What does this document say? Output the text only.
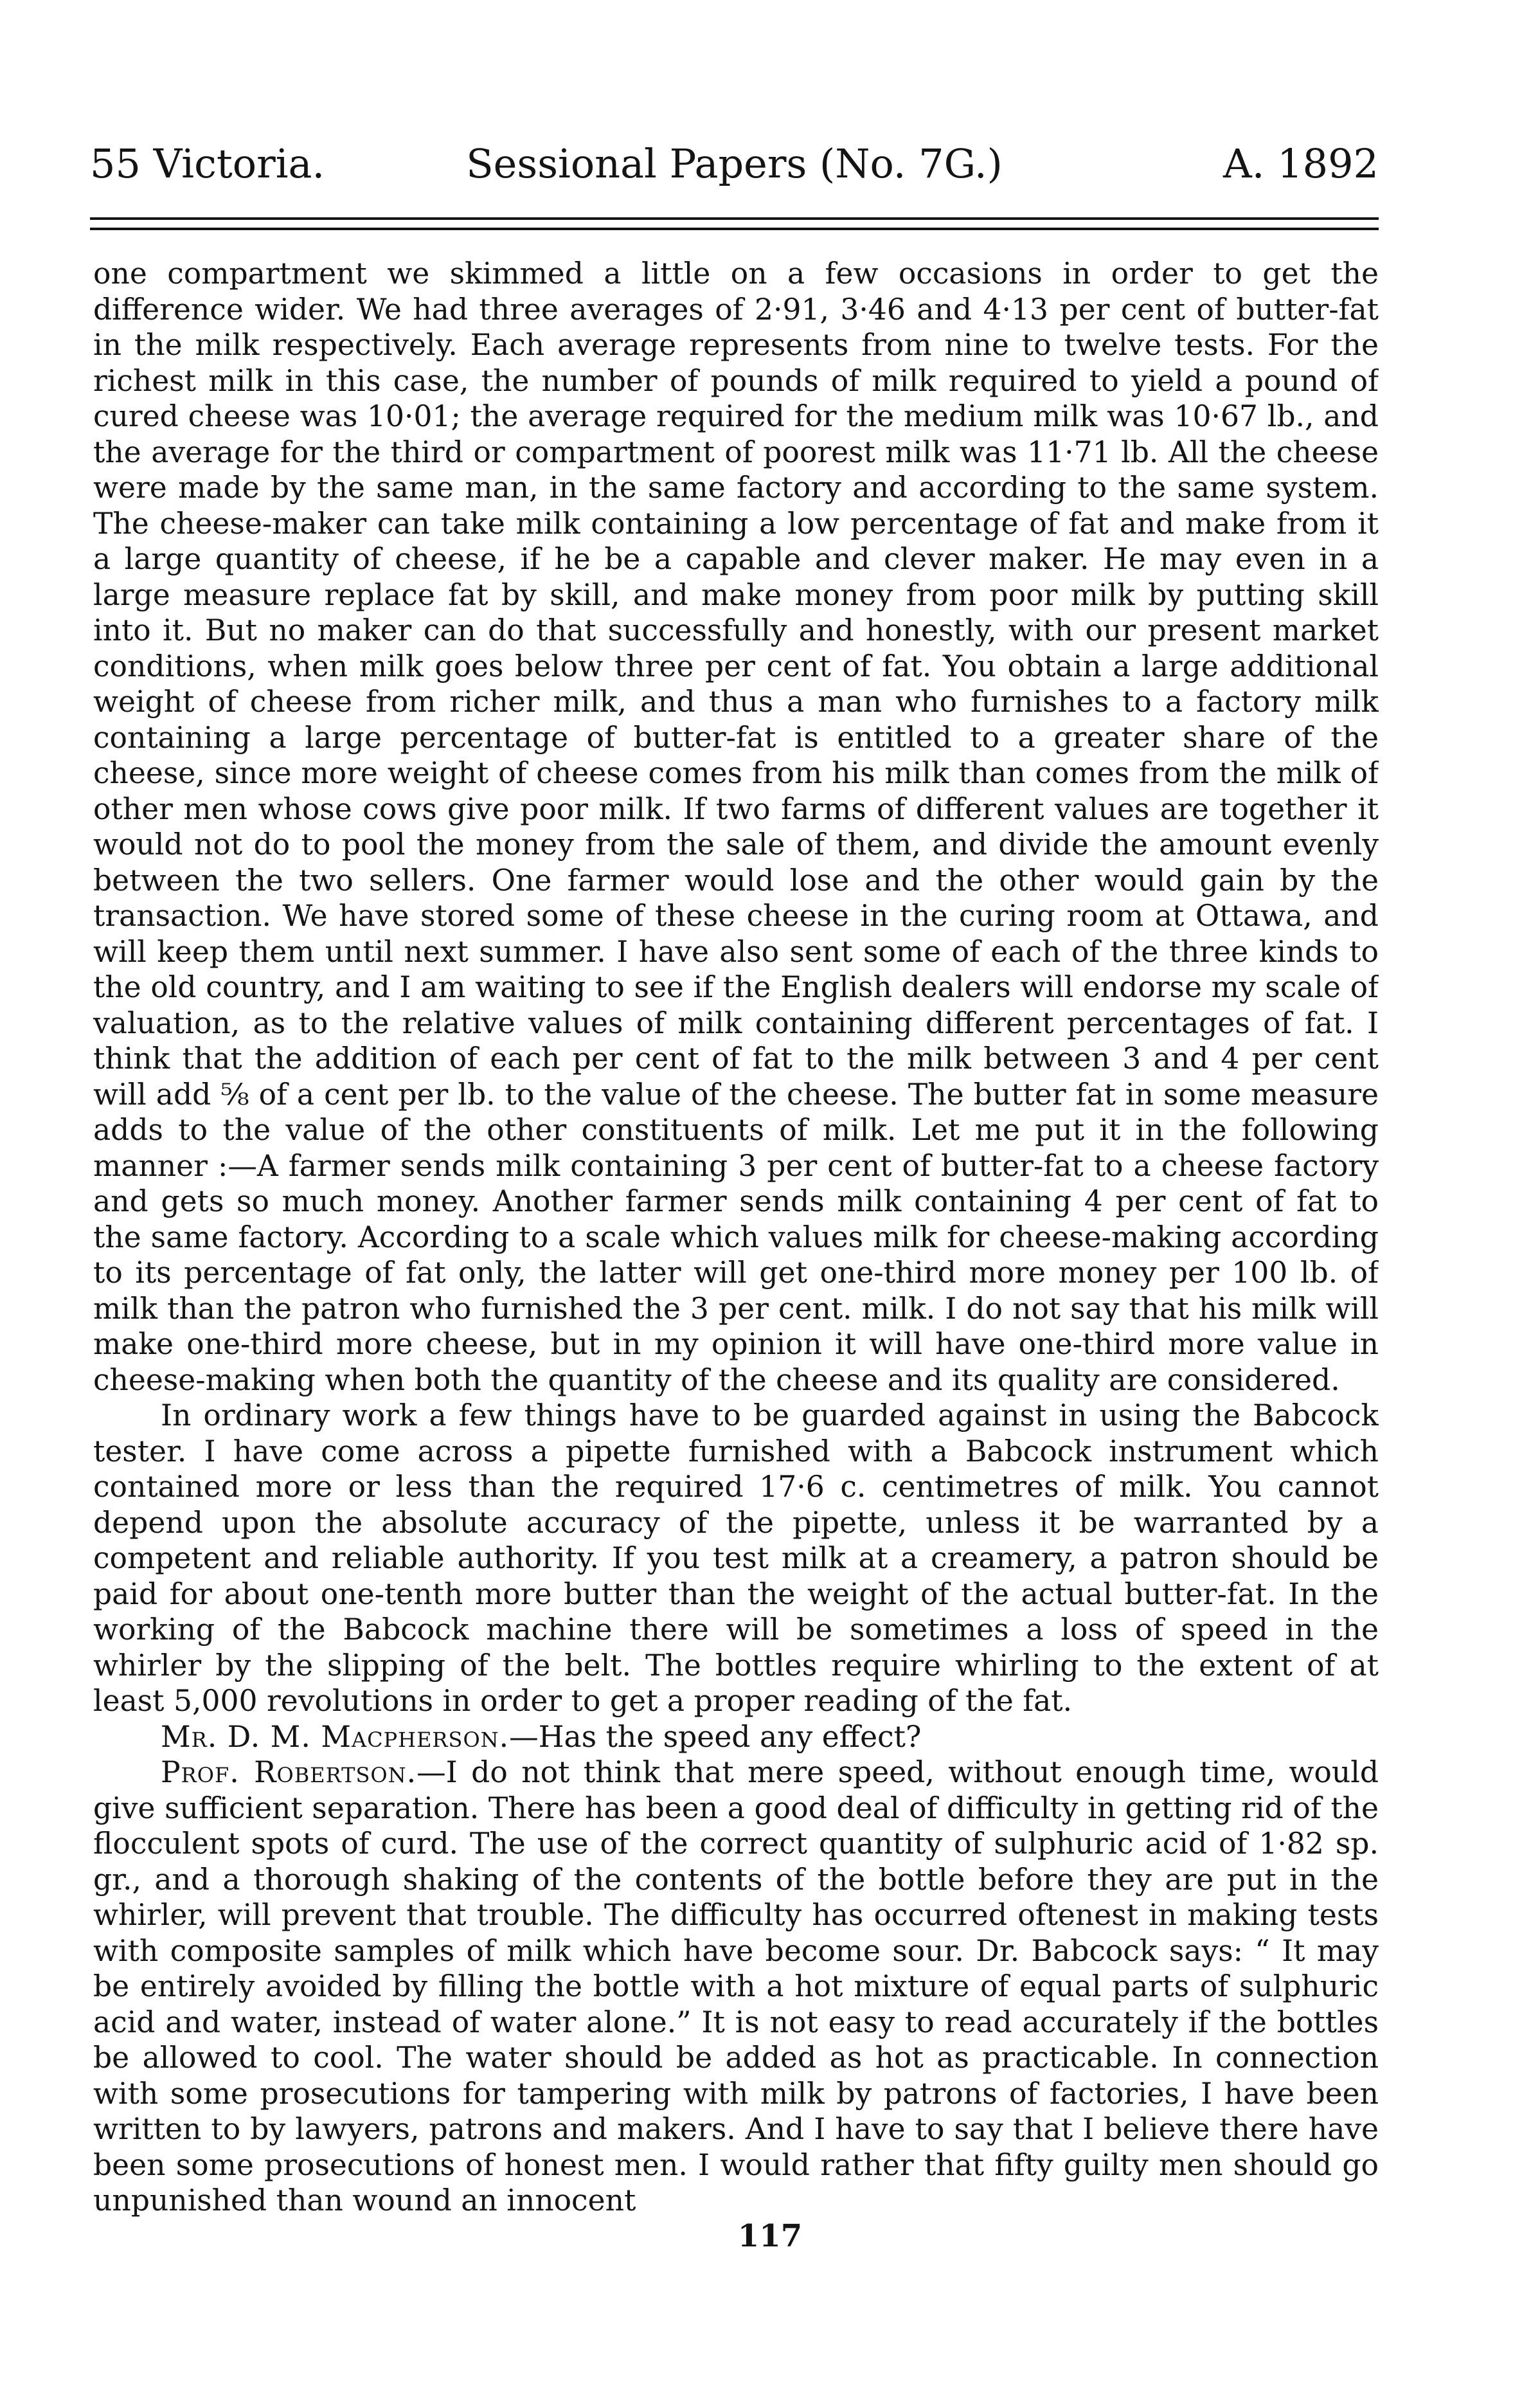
55 Victoria.	Sessional Papers (No. 7G.)	A. 1892

one compartment we skimmed a little on a few occasions in order to get the difference wider. We had three averages of 2·91, 3·46 and 4·13 per cent of butter-fat in the milk respectively. Each average represents from nine to twelve tests. For the richest milk in this case, the number of pounds of milk required to yield a pound of cured cheese was 10·01; the average required for the medium milk was 10·67 lb., and the average for the third or compartment of poorest milk was 11·71 lb. All the cheese were made by the same man, in the same factory and according to the same system. The cheese-maker can take milk containing a low percentage of fat and make from it a large quantity of cheese, if he be a capable and clever maker. He may even in a large measure replace fat by skill, and make money from poor milk by putting skill into it. But no maker can do that successfully and honestly, with our present market conditions, when milk goes below three per cent of fat. You obtain a large additional weight of cheese from richer milk, and thus a man who furnishes to a factory milk containing a large percentage of butter-fat is entitled to a greater share of the cheese, since more weight of cheese comes from his milk than comes from the milk of other men whose cows give poor milk. If two farms of different values are together it would not do to pool the money from the sale of them, and divide the amount evenly between the two sellers. One farmer would lose and the other would gain by the transaction. We have stored some of these cheese in the curing room at Ottawa, and will keep them until next summer. I have also sent some of each of the three kinds to the old country, and I am waiting to see if the English dealers will endorse my scale of valuation, as to the relative values of milk containing different percentages of fat. I think that the addition of each per cent of fat to the milk between 3 and 4 per cent will add ⅝ of a cent per lb. to the value of the cheese. The butter fat in some measure adds to the value of the other constituents of milk. Let me put it in the following manner :—A farmer sends milk containing 3 per cent of butter-fat to a cheese factory and gets so much money. Another farmer sends milk containing 4 per cent of fat to the same factory. According to a scale which values milk for cheese-making according to its percentage of fat only, the latter will get one-third more money per 100 lb. of milk than the patron who furnished the 3 per cent. milk. I do not say that his milk will make one-third more cheese, but in my opinion it will have one-third more value in cheese-making when both the quantity of the cheese and its quality are considered.

In ordinary work a few things have to be guarded against in using the Babcock tester. I have come across a pipette furnished with a Babcock instrument which contained more or less than the required 17·6 c. centimetres of milk. You cannot depend upon the absolute accuracy of the pipette, unless it be warranted by a competent and reliable authority. If you test milk at a creamery, a patron should be paid for about one-tenth more butter than the weight of the actual butter-fat. In the working of the Babcock machine there will be sometimes a loss of speed in the whirler by the slipping of the belt. The bottles require whirling to the extent of at least 5,000 revolutions in order to get a proper reading of the fat.

Mr. D. M. Macpherson.—Has the speed any effect?

Prof. Robertson.—I do not think that mere speed, without enough time, would give sufficient separation. There has been a good deal of difficulty in getting rid of the flocculent spots of curd. The use of the correct quantity of sulphuric acid of 1·82 sp. gr., and a thorough shaking of the contents of the bottle before they are put in the whirler, will prevent that trouble. The difficulty has occurred oftenest in making tests with composite samples of milk which have become sour. Dr. Babcock says: “ It may be entirely avoided by filling the bottle with a hot mixture of equal parts of sulphuric acid and water, instead of water alone.” It is not easy to read accurately if the bottles be allowed to cool. The water should be added as hot as practicable. In connection with some prosecutions for tampering with milk by patrons of factories, I have been written to by lawyers, patrons and makers. And I have to say that I believe there have been some prosecutions of honest men. I would rather that fifty guilty men should go unpunished than wound an innocent

117
